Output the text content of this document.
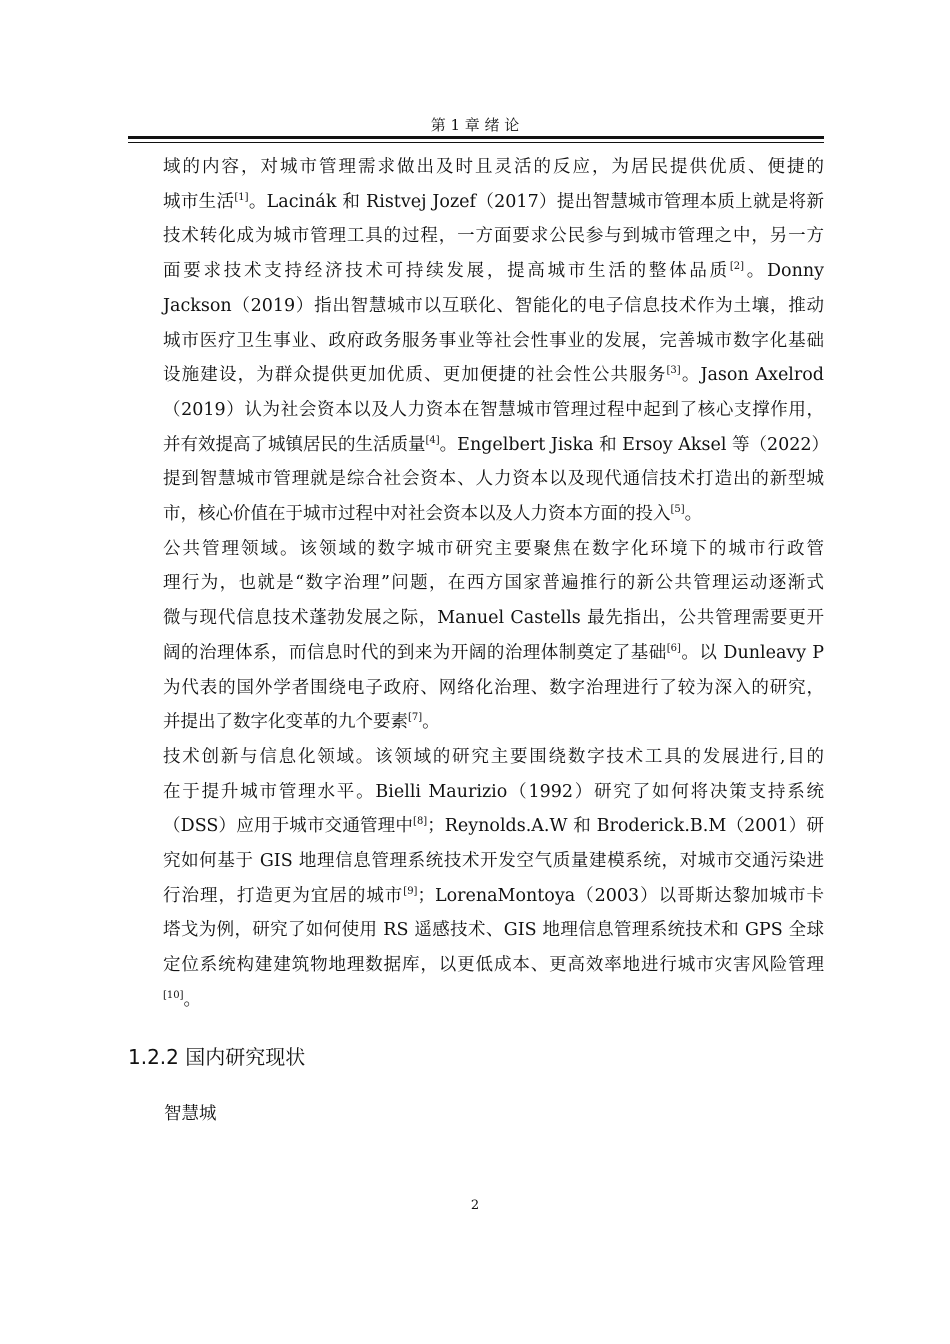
第 1 章 绪 论
域的内容，对城市管理需求做出及时且灵活的反应，为居民提供优质、便捷的
城市生活[1]。Lacinák 和 Ristvej Jozef（2017）提出智慧城市管理本质上就是将新
技术转化成为城市管理工具的过程，一方面要求公民参与到城市管理之中，另一方
面要求技术支持经济技术可持续发展，提高城市生活的整体品质[2]。Donny
Jackson（2019）指出智慧城市以互联化、智能化的电子信息技术作为土壤，推动
城市医疗卫生事业、政府政务服务事业等社会性事业的发展，完善城市数字化基础
设施建设，为群众提供更加优质、更加便捷的社会性公共服务[3]。Jason Axelrod
（2019）认为社会资本以及人力资本在智慧城市管理过程中起到了核心支撑作用，
并有效提高了城镇居民的生活质量[4]。Engelbert Jiska 和 Ersoy Aksel 等（2022）
提到智慧城市管理就是综合社会资本、人力资本以及现代通信技术打造出的新型城
市，核心价值在于城市过程中对社会资本以及人力资本方面的投入[5]。
公共管理领域。该领域的数字城市研究主要聚焦在数字化环境下的城市行政管
理行为，也就是“数字治理”问题，在西方国家普遍推行的新公共管理运动逐渐式
微与现代信息技术蓬勃发展之际，Manuel Castells 最先指出，公共管理需要更开
阔的治理体系，而信息时代的到来为开阔的治理体制奠定了基础[6]。以 Dunleavy P
为代表的国外学者围绕电子政府、网络化治理、数字治理进行了较为深入的研究，
并提出了数字化变革的九个要素[7]。
技术创新与信息化领域。该领域的研究主要围绕数字技术工具的发展进行,目的
在于提升城市管理水平。Bielli Maurizio（1992）研究了如何将决策支持系统
（DSS）应用于城市交通管理中[8]；Reynolds.A.W 和 Broderick.B.M（2001）研
究如何基于 GIS 地理信息管理系统技术开发空气质量建模系统，对城市交通污染进
行治理，打造更为宜居的城市[9]；LorenaMontoya（2003）以哥斯达黎加城市卡
塔戈为例，研究了如何使用 RS 遥感技术、GIS 地理信息管理系统技术和 GPS 全球
定位系统构建建筑物地理数据库，以更低成本、更高效率地进行城市灾害风险管理
[10]。
1.2.2 国内研究现状
智慧城
2
